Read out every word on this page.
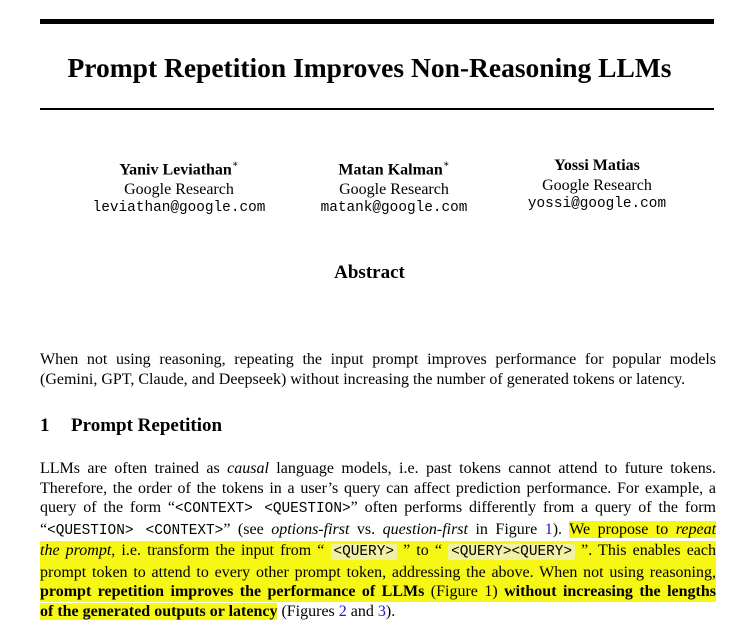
Prompt Repetition Improves Non-Reasoning LLMs
Yaniv Leviathan∗
Google Research
leviathan@google.com
Matan Kalman∗
Google Research
matank@google.com
Yossi Matias
Google Research
yossi@google.com
Abstract
When not using reasoning, repeating the input prompt improves performance for popular models
(Gemini, GPT, Claude, and Deepseek) without increasing the number of generated tokens or latency.
1 Prompt Repetition
LLMs are often trained as causal language models, i.e. past tokens cannot attend to future tokens.
Therefore, the order of the tokens in a user’s query can affect prediction performance. For example, a
query of the form “<CONTEXT> <QUESTION>” often performs differently from a query of the form
“<QUESTION> <CONTEXT>” (see options-first vs. question-first in Figure 1). We propose to repeat
the prompt, i.e. transform the input from “ <QUERY> ” to “ <QUERY><QUERY> ”. This enables each
prompt token to attend to every other prompt token, addressing the above. When not using reasoning,
prompt repetition improves the performance of LLMs (Figure 1) without increasing the lengths
of the generated outputs or latency (Figures 2 and 3).
